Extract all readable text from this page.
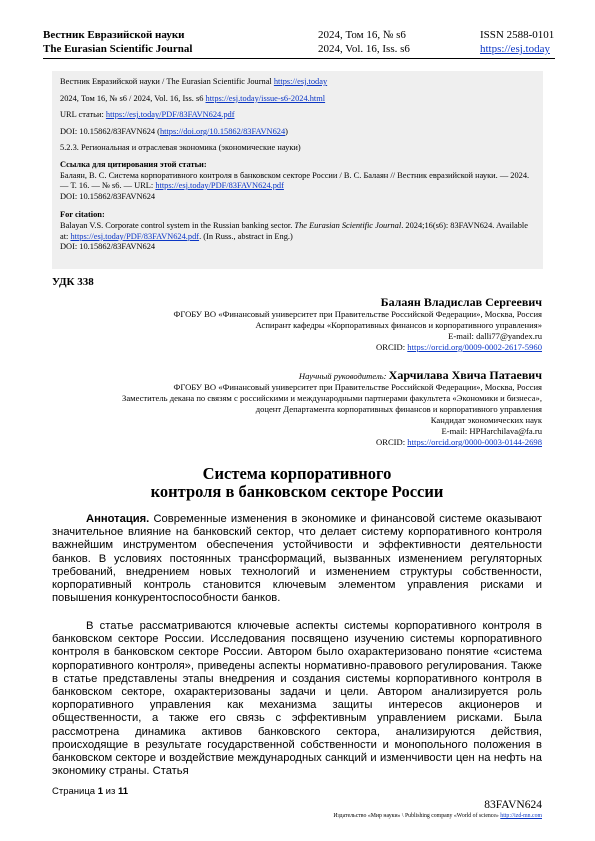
Вестник Евразийской науки	2024, Том 16, № s6	ISSN 2588-0101
The Eurasian Scientific Journal	2024, Vol. 16, Iss. s6	https://esj.today

Вестник Евразийской науки / The Eurasian Scientific Journal https://esj.today

2024, Том 16, № s6 / 2024, Vol. 16, Iss. s6 https://esj.today/issue-s6-2024.html

URL статьи: https://esj.today/PDF/83FAVN624.pdf

DOI: 10.15862/83FAVN624 (https://doi.org/10.15862/83FAVN624)

5.2.3. Региональная и отраслевая экономика (экономические науки)

Ссылка для цитирования этой статьи:
Балаян, В. С. Система корпоративного контроля в банковском секторе России / В. С. Балаян // Вестник евразийской науки. — 2024. — Т. 16. — № s6. — URL: https://esj.today/PDF/83FAVN624.pdf
DOI: 10.15862/83FAVN624

For citation:
Balayan V.S. Corporate control system in the Russian banking sector. The Eurasian Scientific Journal. 2024;16(s6): 83FAVN624. Available at: https://esj.today/PDF/83FAVN624.pdf. (In Russ., abstract in Eng.)
DOI: 10.15862/83FAVN624

УДК 338
Балаян Владислав Сергеевич
ФГОБУ ВО «Финансовый университет при Правительстве Российской Федерации», Москва, Россия
Аспирант кафедры «Корпоративных финансов и корпоративного управления»
E-mail: dalli77@yandex.ru
ORCID: https://orcid.org/0009-0002-2617-5960
Научный руководитель: Харчилава Хвича Патаевич
ФГОБУ ВО «Финансовый университет при Правительстве Российской Федерации», Москва, Россия
Заместитель декана по связям с российскими и международными партнерами факультета «Экономики и бизнеса»,
доцент Департамента корпоративных финансов и корпоративного управления
Кандидат экономических наук
E-mail: HPHarchilava@fa.ru
ORCID: https://orcid.org/0000-0003-0144-2698
Система корпоративного
контроля в банковском секторе России
Аннотация. Современные изменения в экономике и финансовой системе оказывают значительное влияние на банковский сектор, что делает систему корпоративного контроля важнейшим инструментом обеспечения устойчивости и эффективности деятельности банков. В условиях постоянных трансформаций, вызванных изменением регуляторных требований, внедрением новых технологий и изменением структуры собственности, корпоративный контроль становится ключевым элементом управления рисками и повышения конкурентоспособности банков.
В статье рассматриваются ключевые аспекты системы корпоративного контроля в банковском секторе России. Исследования посвящено изучению системы корпоративного контроля в банковском секторе России. Автором было охарактеризовано понятие «система корпоративного контроля», приведены аспекты нормативно-правового регулирования. Также в статье представлены этапы внедрения и создания системы корпоративного контроля в банковском секторе, охарактеризованы задачи и цели. Автором анализируется роль корпоративного управления как механизма защиты интересов акционеров и общественности, а также его связь с эффективным управлением рисками. Была рассмотрена динамика активов банковского сектора, анализируются действия, происходящие в результате государственной собственности и монопольного положения в банковском секторе и воздействие международных санкций и изменчивости цен на нефть на экономику страны. Статья
Страница 1 из 11
83FAVN624
Издательство «Мир науки» \ Publishing company «World of science» http://izd-mn.com
